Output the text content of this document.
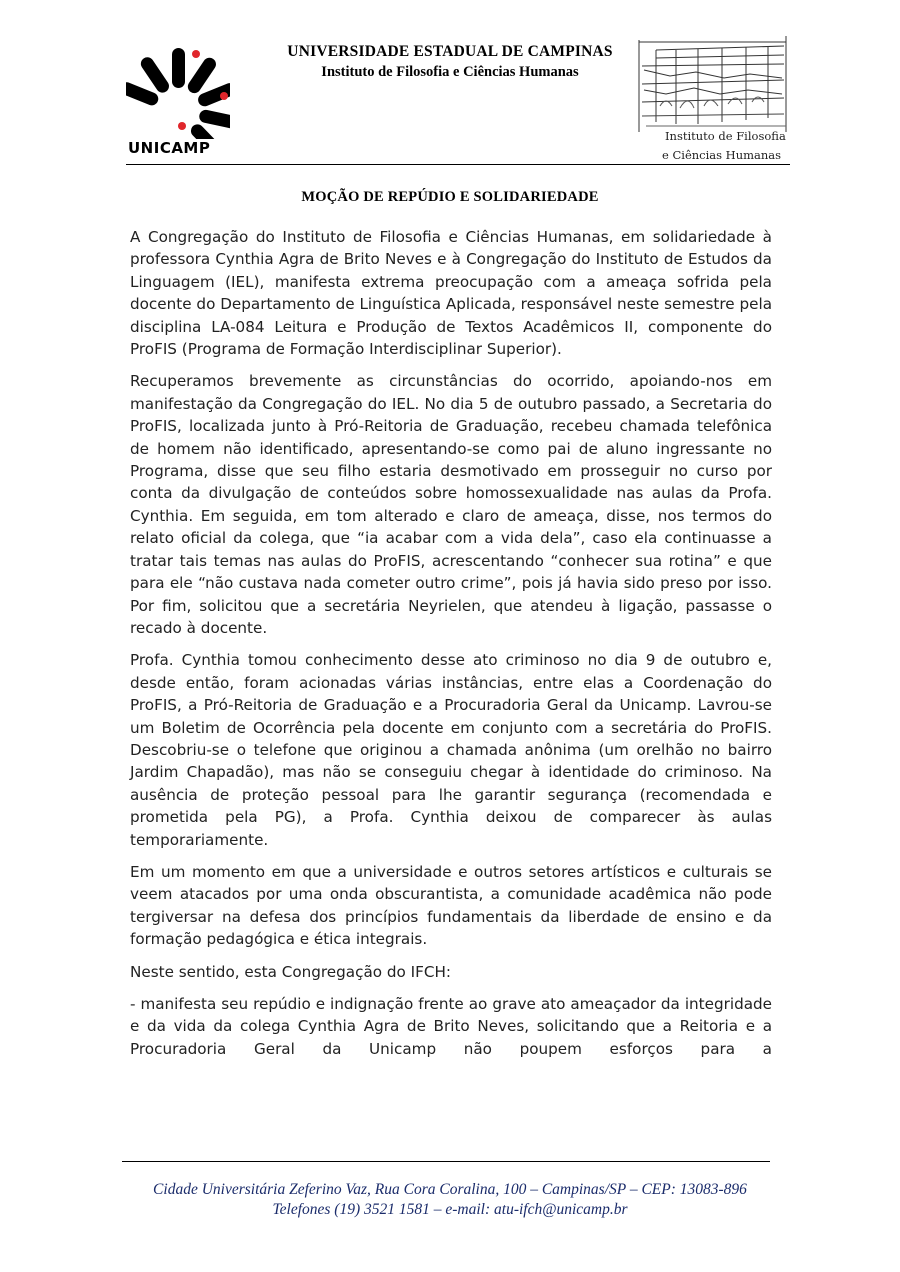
UNICAMP
UNIVERSIDADE ESTADUAL DE CAMPINAS
Instituto de Filosofia e Ciências Humanas
Instituto de Filosofia
e Ciências Humanas
MOÇÃO DE REPÚDIO E SOLIDARIEDADE

A Congregação do Instituto de Filosofia e Ciências Humanas, em solidariedade à professora Cynthia Agra de Brito Neves e à Congregação do Instituto de Estudos da Linguagem (IEL), manifesta extrema preocupação com a ameaça sofrida pela docente do Departamento de Linguística Aplicada, responsável neste semestre pela disciplina LA-084 Leitura e Produção de Textos Acadêmicos II, componente do ProFIS (Programa de Formação Interdisciplinar Superior).

Recuperamos brevemente as circunstâncias do ocorrido, apoiando-nos em manifestação da Congregação do IEL. No dia 5 de outubro passado, a Secretaria do ProFIS, localizada junto à Pró-Reitoria de Graduação, recebeu chamada telefônica de homem não identificado, apresentando-se como pai de aluno ingressante no Programa, disse que seu filho estaria desmotivado em prosseguir no curso por conta da divulgação de conteúdos sobre homossexualidade nas aulas da Profa. Cynthia. Em seguida, em tom alterado e claro de ameaça, disse, nos termos do relato oficial da colega, que “ia acabar com a vida dela”, caso ela continuasse a tratar tais temas nas aulas do ProFIS, acrescentando “conhecer sua rotina” e que para ele “não custava nada cometer outro crime”, pois já havia sido preso por isso. Por fim, solicitou que a secretária Neyrielen, que atendeu à ligação, passasse o recado à docente.

Profa. Cynthia tomou conhecimento desse ato criminoso no dia 9 de outubro e, desde então, foram acionadas várias instâncias, entre elas a Coordenação do ProFIS, a Pró-Reitoria de Graduação e a Procuradoria Geral da Unicamp. Lavrou-se um Boletim de Ocorrência pela docente em conjunto com a secretária do ProFIS. Descobriu-se o telefone que originou a chamada anônima (um orelhão no bairro Jardim Chapadão), mas não se conseguiu chegar à identidade do criminoso. Na ausência de proteção pessoal para lhe garantir segurança (recomendada e prometida pela PG), a Profa. Cynthia deixou de comparecer às aulas temporariamente.

Em um momento em que a universidade e outros setores artísticos e culturais se veem atacados por uma onda obscurantista, a comunidade acadêmica não pode tergiversar na defesa dos princípios fundamentais da liberdade de ensino e da formação pedagógica e ética integrais.

Neste sentido, esta Congregação do IFCH:

- manifesta seu repúdio e indignação frente ao grave ato ameaçador da integridade e da vida da colega Cynthia Agra de Brito Neves, solicitando que a Reitoria e a Procuradoria Geral da Unicamp não poupem esforços para a

Cidade Universitária Zeferino Vaz, Rua Cora Coralina, 100 – Campinas/SP – CEP: 13083-896
Telefones (19) 3521 1581 – e-mail: atu-ifch@unicamp.br
